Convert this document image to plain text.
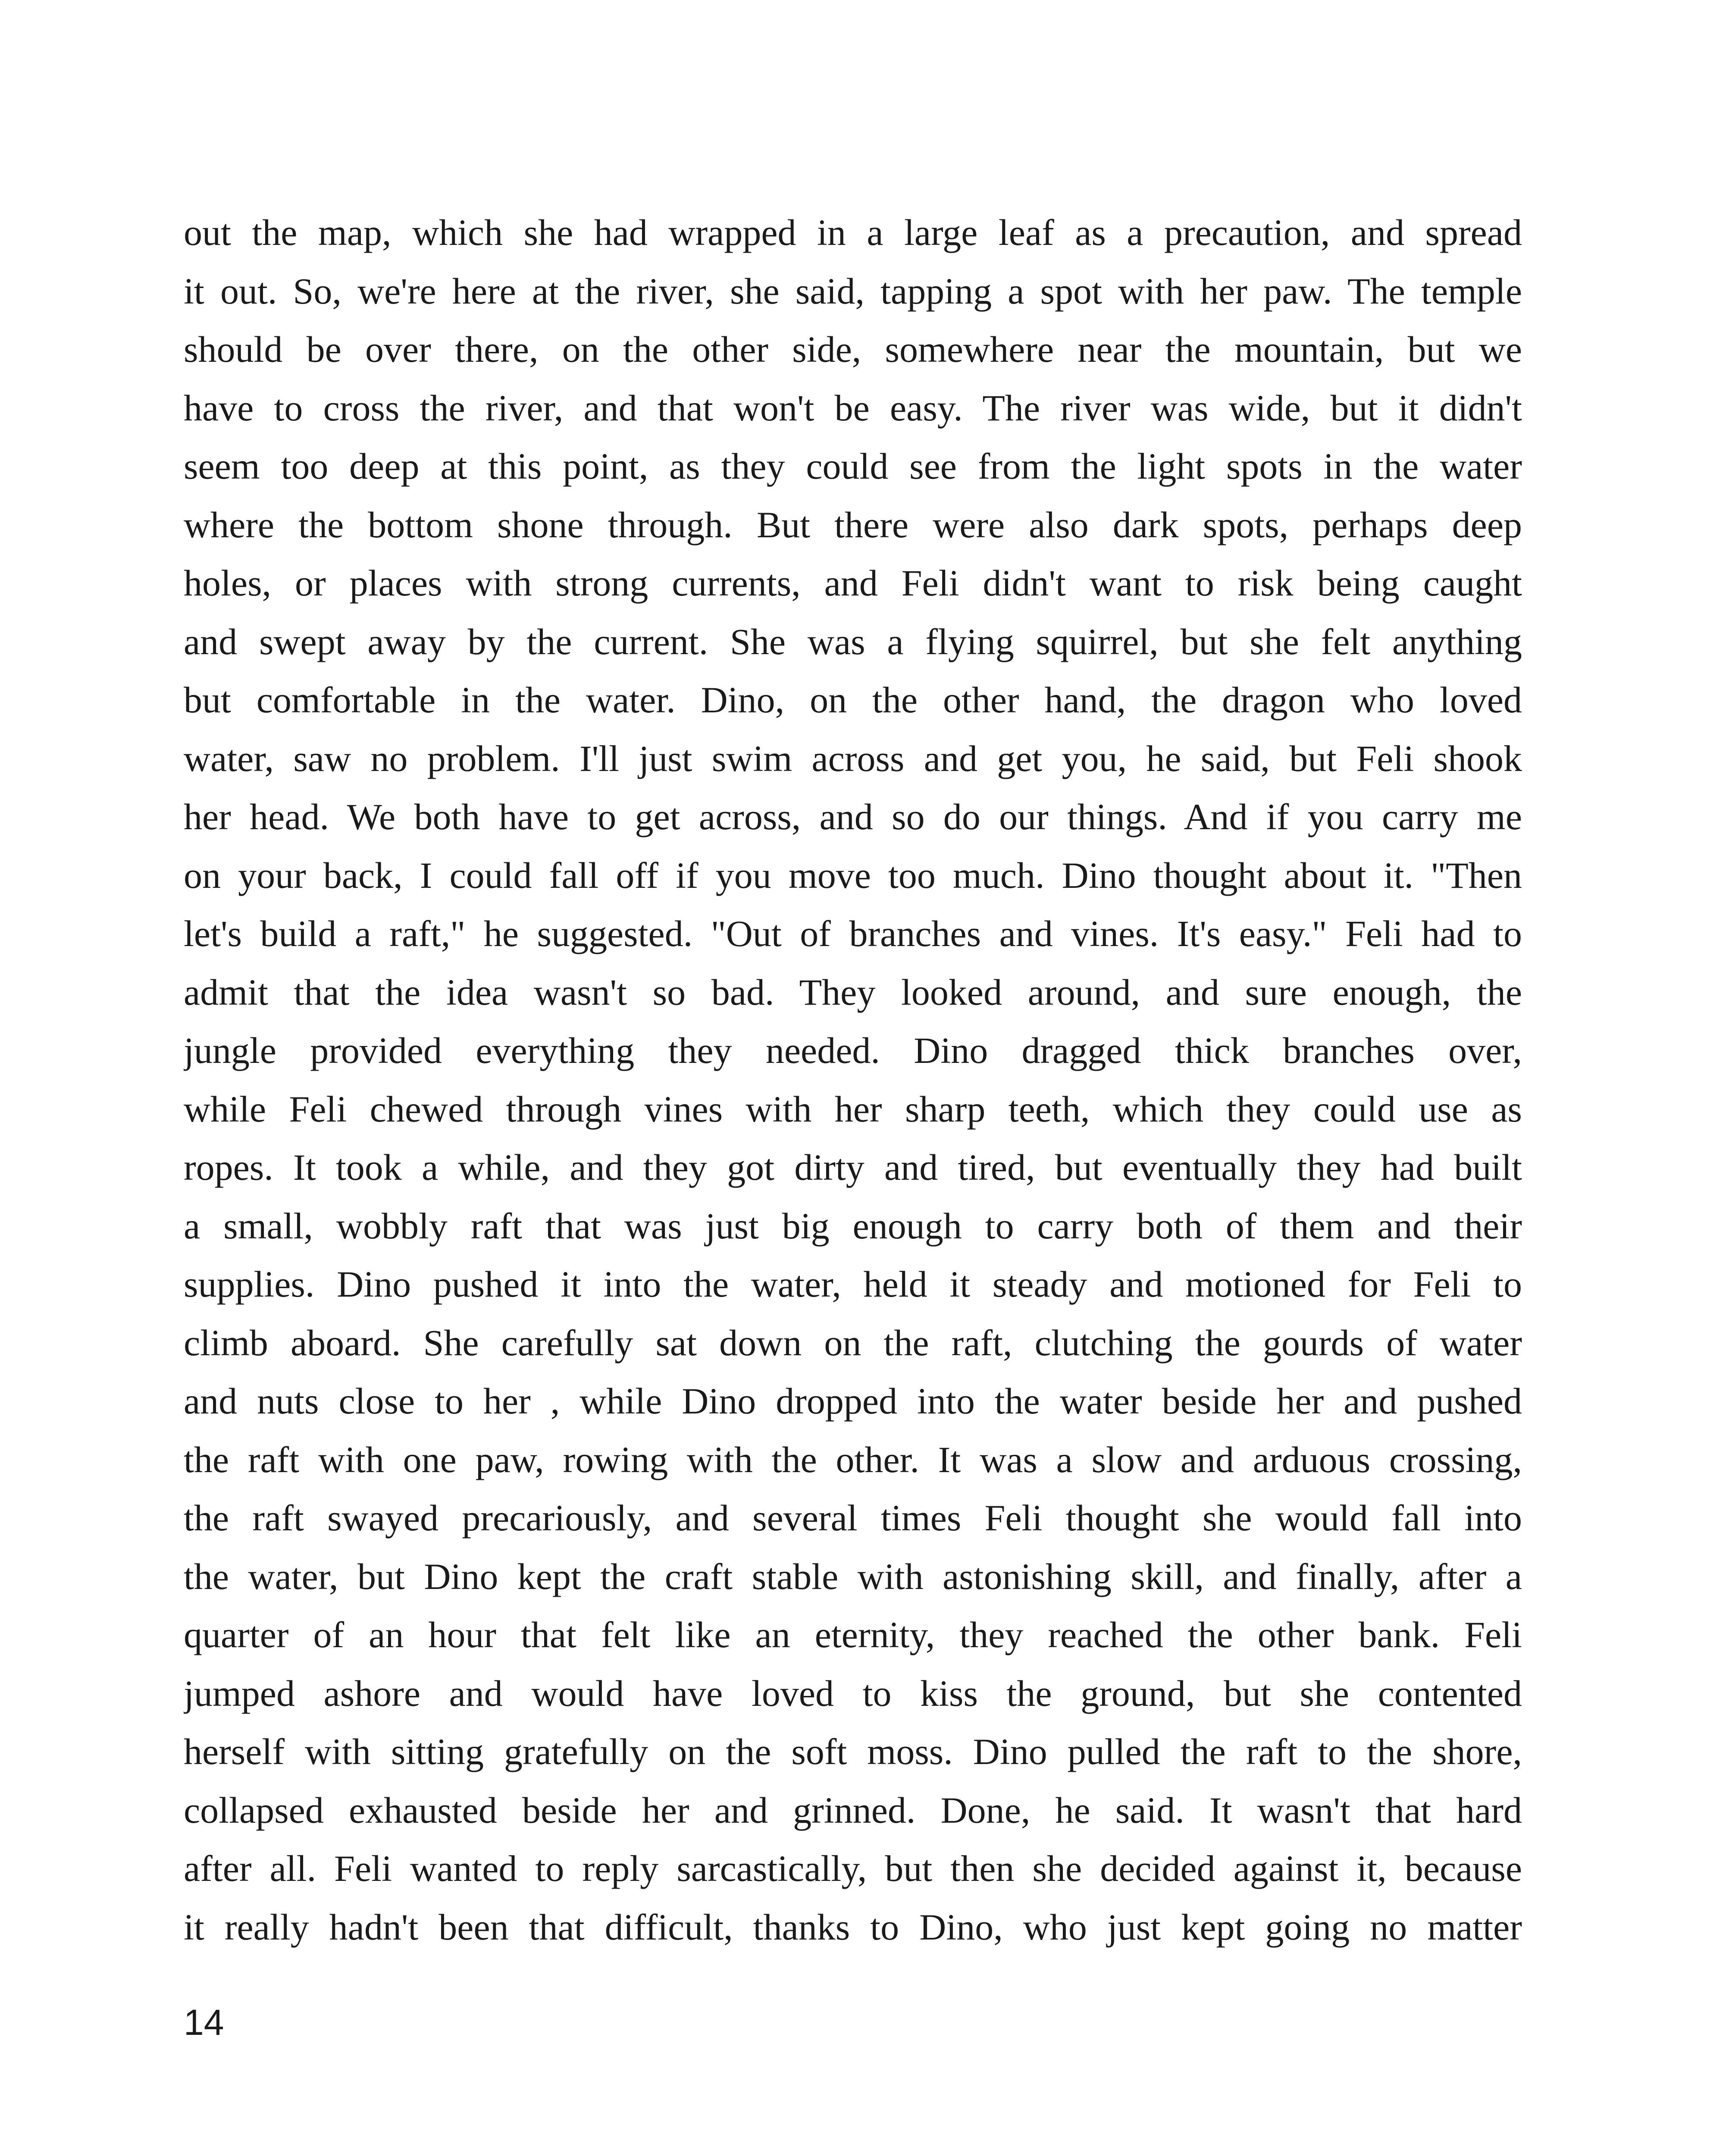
out the map, which she had wrapped in a large leaf as a precaution, and spread
it out. So, we're here at the river, she said, tapping a spot with her paw. The temple
should be over there, on the other side, somewhere near the mountain, but we
have to cross the river, and that won't be easy. The river was wide, but it didn't
seem too deep at this point, as they could see from the light spots in the water
where the bottom shone through. But there were also dark spots, perhaps deep
holes, or places with strong currents, and Feli didn't want to risk being caught
and swept away by the current. She was a flying squirrel, but she felt anything
but comfortable in the water. Dino, on the other hand, the dragon who loved
water, saw no problem. I'll just swim across and get you, he said, but Feli shook
her head. We both have to get across, and so do our things. And if you carry me
on your back, I could fall off if you move too much. Dino thought about it. "Then
let's build a raft," he suggested. "Out of branches and vines. It's easy." Feli had to
admit that the idea wasn't so bad. They looked around, and sure enough, the
jungle provided everything they needed. Dino dragged thick branches over,
while Feli chewed through vines with her sharp teeth, which they could use as
ropes. It took a while, and they got dirty and tired, but eventually they had built
a small, wobbly raft that was just big enough to carry both of them and their
supplies. Dino pushed it into the water, held it steady and motioned for Feli to
climb aboard. She carefully sat down on the raft, clutching the gourds of water
and nuts close to her , while Dino dropped into the water beside her and pushed
the raft with one paw, rowing with the other. It was a slow and arduous crossing,
the raft swayed precariously, and several times Feli thought she would fall into
the water, but Dino kept the craft stable with astonishing skill, and finally, after a
quarter of an hour that felt like an eternity, they reached the other bank. Feli
jumped ashore and would have loved to kiss the ground, but she contented
herself with sitting gratefully on the soft moss. Dino pulled the raft to the shore,
collapsed exhausted beside her and grinned. Done, he said. It wasn't that hard
after all. Feli wanted to reply sarcastically, but then she decided against it, because
it really hadn't been that difficult, thanks to Dino, who just kept going no matter

14
